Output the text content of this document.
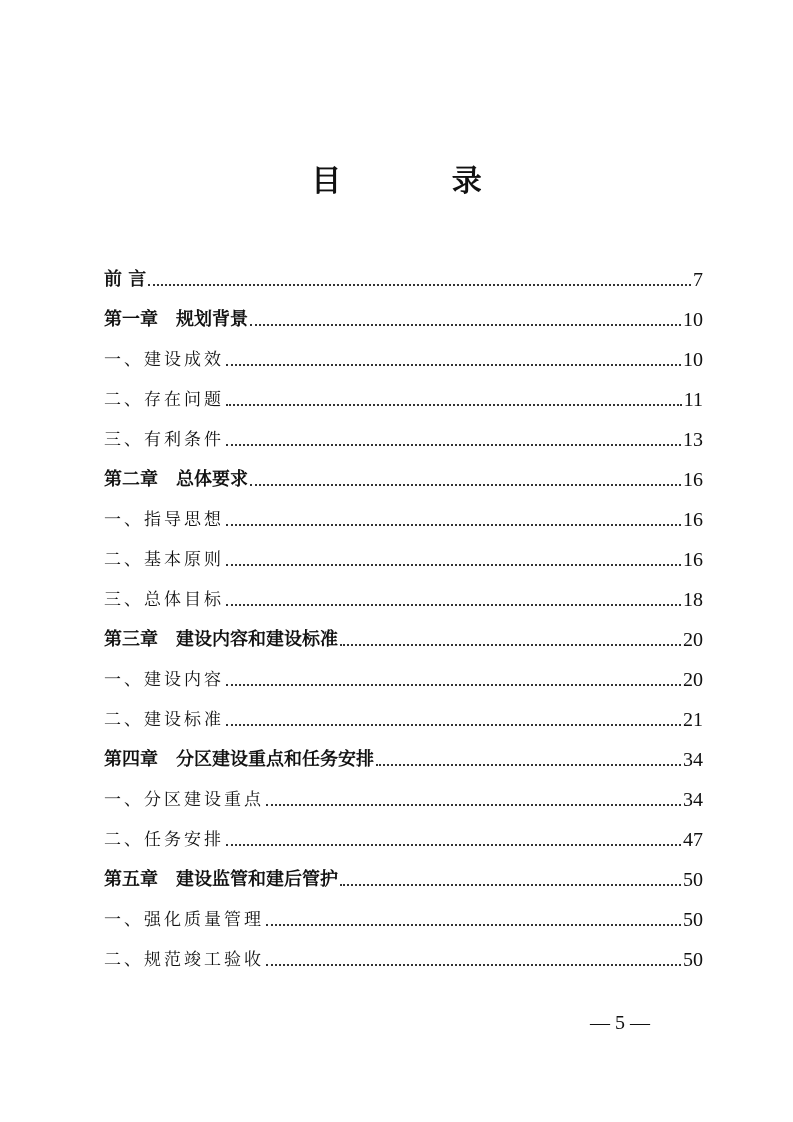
目 录
前 言	7
第一章　规划背景	10
一、建设成效	10
二、存在问题	11
三、有利条件	13
第二章　总体要求	16
一、指导思想	16
二、基本原则	16
三、总体目标	18
第三章　建设内容和建设标准	20
一、建设内容	20
二、建设标准	21
第四章　分区建设重点和任务安排	34
一、分区建设重点	34
二、任务安排	47
第五章　建设监管和建后管护	50
一、强化质量管理	50
二、规范竣工验收	50
— 5 —
